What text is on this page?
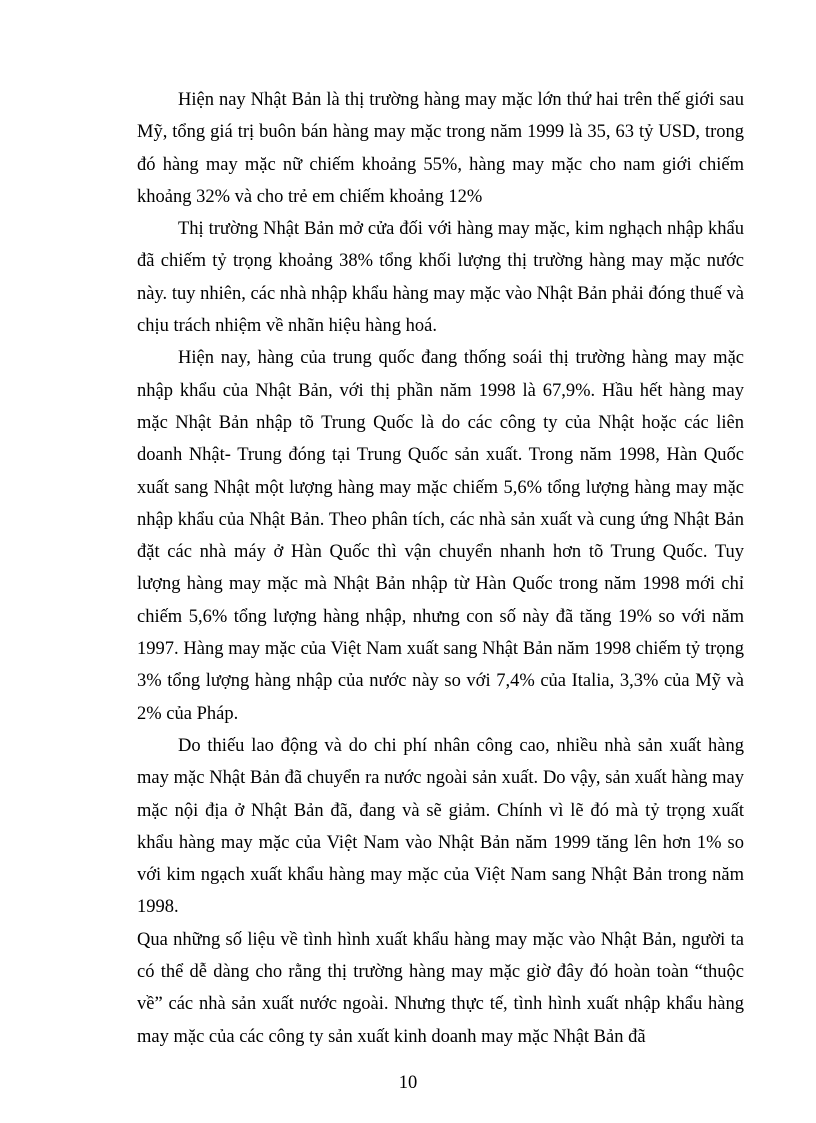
Hiện nay Nhật Bản là thị trường hàng may mặc lớn thứ hai trên thế giới sau Mỹ, tổng giá trị buôn bán hàng may mặc trong năm 1999 là 35, 63 tỷ USD, trong đó hàng may mặc nữ chiếm khoảng 55%, hàng may mặc cho nam giới chiếm khoảng 32% và cho trẻ em chiếm khoảng 12%

Thị trường Nhật Bản mở cửa đối với hàng may mặc, kim nghạch nhập khẩu đã chiếm tỷ trọng khoảng 38% tổng khối lượng thị trường hàng may mặc nước này. tuy nhiên, các nhà nhập khẩu hàng may mặc vào Nhật Bản phải đóng thuế và chịu trách nhiệm về nhãn hiệu hàng hoá.

Hiện nay, hàng của trung quốc đang thống soái thị trường hàng may mặc nhập khẩu của Nhật Bản, với thị phần năm 1998 là 67,9%. Hầu hết hàng may mặc Nhật Bản nhập tõ Trung Quốc là do các công ty của Nhật hoặc các liên doanh Nhật- Trung đóng tại Trung Quốc sản xuất. Trong năm 1998, Hàn Quốc xuất sang Nhật một lượng hàng may mặc chiếm 5,6% tổng lượng hàng may mặc nhập khẩu của Nhật Bản. Theo phân tích, các nhà sản xuất và cung ứng Nhật Bản đặt các nhà máy ở Hàn Quốc thì vận chuyển nhanh hơn tõ Trung Quốc. Tuy lượng hàng may mặc mà Nhật Bản nhập từ Hàn Quốc trong năm 1998 mới chỉ chiếm 5,6% tổng lượng hàng nhập, nhưng con số này đã tăng 19% so với năm 1997. Hàng may mặc của Việt Nam xuất sang Nhật Bản năm 1998 chiếm tỷ trọng 3% tổng lượng hàng nhập của nước này so với 7,4% của Italia, 3,3% của Mỹ và 2% của Pháp.

Do thiếu lao động và do chi phí nhân công cao, nhiều nhà sản xuất hàng may mặc Nhật Bản đã chuyển ra nước ngoài sản xuất. Do vậy, sản xuất hàng may mặc nội địa ở Nhật Bản đã, đang và sẽ giảm. Chính vì lẽ đó mà tỷ trọng xuất khẩu hàng may mặc của Việt Nam vào Nhật Bản năm 1999 tăng lên hơn 1% so với kim ngạch xuất khẩu hàng may mặc của Việt Nam sang Nhật Bản trong năm 1998.

Qua những số liệu về tình hình xuất khẩu hàng may mặc vào Nhật Bản, người ta có thể dễ dàng cho rằng thị trường hàng may mặc giờ đây đó hoàn toàn “thuộc về” các nhà sản xuất nước ngoài. Nhưng thực tế, tình hình xuất nhập khẩu hàng may mặc của các công ty sản xuất kinh doanh may mặc Nhật Bản đã

10
